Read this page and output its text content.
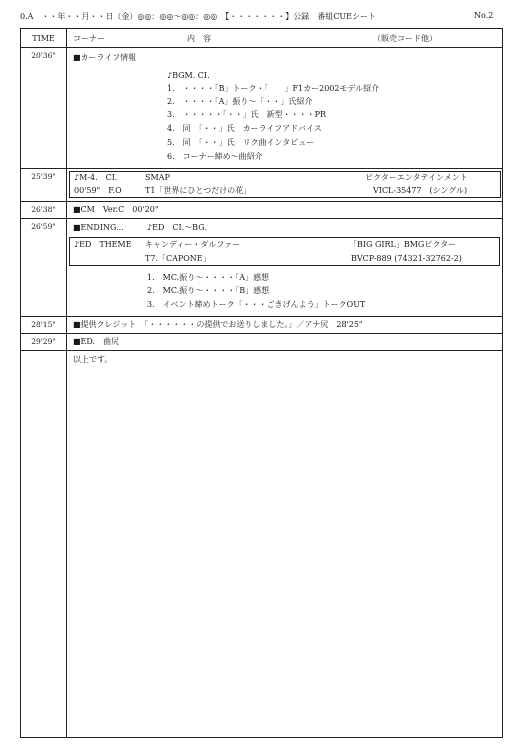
0.A　・・年・・月・・日（金）◎◎：◎◎～◎◎：◎◎　【・・・・・・・】公録　番組CUEシート	No.2
TIME	コーナー	内　容	（販売コード他）
20'36"	■カーライフ情報
♪BGM. CI.
1.　・・・・「B」トーク・「　　」F1カー2002モデル紹介
2.　・・・・「A」振り～「・・」氏紹介
3.　・・・・・「・・」氏　新型・・・・PR
4.　同　「・・」氏　カーライフアドバイス
5.　同　「・・」氏　リク曲インタビュー
6.　コーナー締め～曲紹介
25'39"	♪M-4.　CI.	SMAP	ビクターエンタテインメント
00'59"　F.O	T1「世界にひとつだけの花」	VICL-35477　(シングル)
26'38"	■CM　Ver.C　00'20"
26'59"	■ENDING...	♪ED　CI.～BG.
♪ED　THEME キャンディー・ダルファー	「BIG GIRL」BMGビクター
T7.「CAPONE」	BVCP-889 (74321-32762-2)
1.　MC.振り～・・・・「A」感想
2.　MC.振り～・・・・「B」感想
3.　イベント締めトーク「・・・ごきげんよう」トークOUT
28'15"	■提供クレジット　「・・・・・・の提供でお送りしました。」／アナ尻　28'25"
29'29"	■ED.　曲尻
以上です。
